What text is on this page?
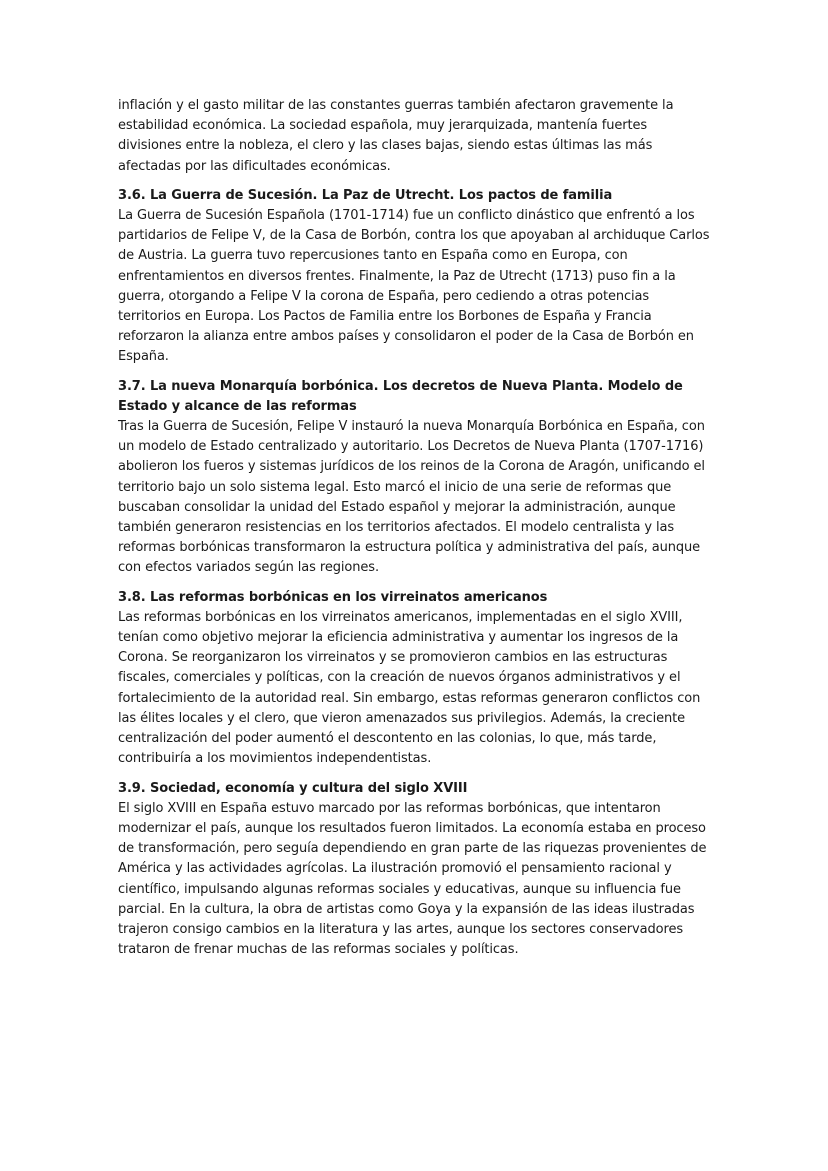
inflación y el gasto militar de las constantes guerras también afectaron gravemente la estabilidad económica. La sociedad española, muy jerarquizada, mantenía fuertes divisiones entre la nobleza, el clero y las clases bajas, siendo estas últimas las más afectadas por las dificultades económicas.

3.6. La Guerra de Sucesión. La Paz de Utrecht. Los pactos de familia

La Guerra de Sucesión Española (1701-1714) fue un conflicto dinástico que enfrentó a los partidarios de Felipe V, de la Casa de Borbón, contra los que apoyaban al archiduque Carlos de Austria. La guerra tuvo repercusiones tanto en España como en Europa, con enfrentamientos en diversos frentes. Finalmente, la Paz de Utrecht (1713) puso fin a la guerra, otorgando a Felipe V la corona de España, pero cediendo a otras potencias territorios en Europa. Los Pactos de Familia entre los Borbones de España y Francia reforzaron la alianza entre ambos países y consolidaron el poder de la Casa de Borbón en España.

3.7. La nueva Monarquía borbónica. Los decretos de Nueva Planta. Modelo de Estado y alcance de las reformas

Tras la Guerra de Sucesión, Felipe V instauró la nueva Monarquía Borbónica en España, con un modelo de Estado centralizado y autoritario. Los Decretos de Nueva Planta (1707-1716) abolieron los fueros y sistemas jurídicos de los reinos de la Corona de Aragón, unificando el territorio bajo un solo sistema legal. Esto marcó el inicio de una serie de reformas que buscaban consolidar la unidad del Estado español y mejorar la administración, aunque también generaron resistencias en los territorios afectados. El modelo centralista y las reformas borbónicas transformaron la estructura política y administrativa del país, aunque con efectos variados según las regiones.

3.8. Las reformas borbónicas en los virreinatos americanos

Las reformas borbónicas en los virreinatos americanos, implementadas en el siglo XVIII, tenían como objetivo mejorar la eficiencia administrativa y aumentar los ingresos de la Corona. Se reorganizaron los virreinatos y se promovieron cambios en las estructuras fiscales, comerciales y políticas, con la creación de nuevos órganos administrativos y el fortalecimiento de la autoridad real. Sin embargo, estas reformas generaron conflictos con las élites locales y el clero, que vieron amenazados sus privilegios. Además, la creciente centralización del poder aumentó el descontento en las colonias, lo que, más tarde, contribuiría a los movimientos independentistas.

3.9. Sociedad, economía y cultura del siglo XVIII

El siglo XVIII en España estuvo marcado por las reformas borbónicas, que intentaron modernizar el país, aunque los resultados fueron limitados. La economía estaba en proceso de transformación, pero seguía dependiendo en gran parte de las riquezas provenientes de América y las actividades agrícolas. La ilustración promovió el pensamiento racional y científico, impulsando algunas reformas sociales y educativas, aunque su influencia fue parcial. En la cultura, la obra de artistas como Goya y la expansión de las ideas ilustradas trajeron consigo cambios en la literatura y las artes, aunque los sectores conservadores trataron de frenar muchas de las reformas sociales y políticas.
